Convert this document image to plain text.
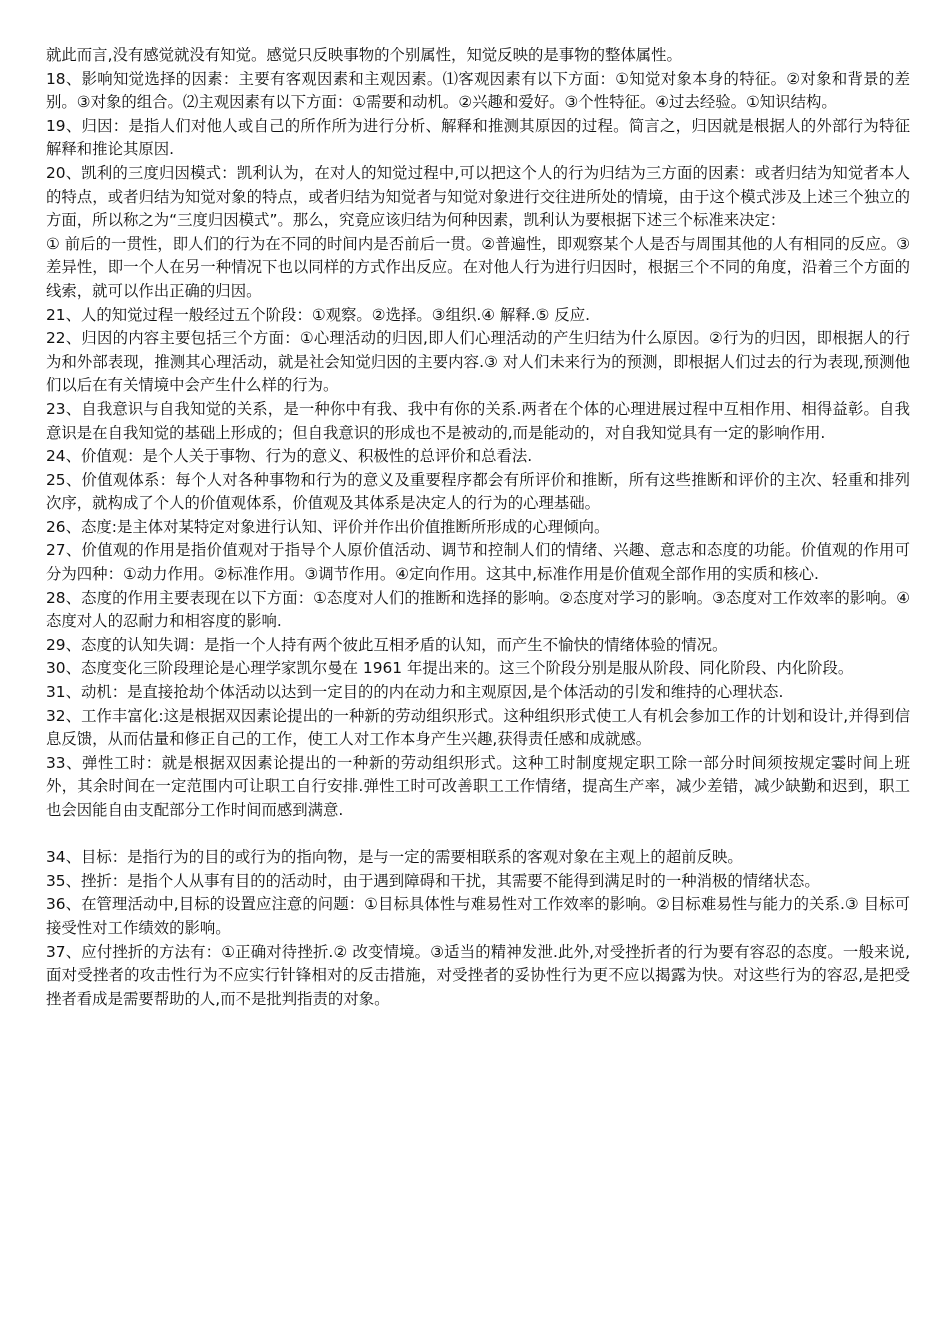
就此而言,没有感觉就没有知觉。感觉只反映事物的个别属性，知觉反映的是事物的整体属性。

18、影响知觉选择的因素：主要有客观因素和主观因素。⑴客观因素有以下方面：①知觉对象本身的特征。②对象和背景的差别。③对象的组合。⑵主观因素有以下方面：①需要和动机。②兴趣和爱好。③个性特征。④过去经验。①知识结构。

19、归因：是指人们对他人或自己的所作所为进行分析、解释和推测其原因的过程。简言之，归因就是根据人的外部行为特征解释和推论其原因.

20、凯利的三度归因模式：凯利认为，在对人的知觉过程中,可以把这个人的行为归结为三方面的因素：或者归结为知觉者本人的特点，或者归结为知觉对象的特点，或者归结为知觉者与知觉对象进行交往进所处的情境，由于这个模式涉及上述三个独立的方面，所以称之为“三度归因模式”。那么，究竟应该归结为何种因素，凯利认为要根据下述三个标准来决定：

① 前后的一贯性，即人们的行为在不同的时间内是否前后一贯。②普遍性，即观察某个人是否与周围其他的人有相同的反应。③差异性，即一个人在另一种情况下也以同样的方式作出反应。在对他人行为进行归因时，根据三个不同的角度，沿着三个方面的线索，就可以作出正确的归因。

21、人的知觉过程一般经过五个阶段：①观察。②选择。③组织.④ 解释.⑤ 反应.

22、归因的内容主要包括三个方面：①心理活动的归因,即人们心理活动的产生归结为什么原因。②行为的归因，即根据人的行为和外部表现，推测其心理活动，就是社会知觉归因的主要内容.③ 对人们未来行为的预测，即根据人们过去的行为表现,预测他们以后在有关情境中会产生什么样的行为。

23、自我意识与自我知觉的关系，是一种你中有我、我中有你的关系.两者在个体的心理进展过程中互相作用、相得益彰。自我意识是在自我知觉的基础上形成的；但自我意识的形成也不是被动的,而是能动的，对自我知觉具有一定的影响作用.

24、价值观：是个人关于事物、行为的意义、积极性的总评价和总看法.

25、价值观体系：每个人对各种事物和行为的意义及重要程序都会有所评价和推断，所有这些推断和评价的主次、轻重和排列次序，就构成了个人的价值观体系，价值观及其体系是决定人的行为的心理基础。

26、态度:是主体对某特定对象进行认知、评价并作出价值推断所形成的心理倾向。

27、价值观的作用是指价值观对于指导个人原价值活动、调节和控制人们的情绪、兴趣、意志和态度的功能。价值观的作用可分为四种：①动力作用。②标准作用。③调节作用。④定向作用。这其中,标准作用是价值观全部作用的实质和核心.

28、态度的作用主要表现在以下方面：①态度对人们的推断和选择的影响。②态度对学习的影响。③态度对工作效率的影响。④态度对人的忍耐力和相容度的影响.

29、态度的认知失调：是指一个人持有两个彼此互相矛盾的认知，而产生不愉快的情绪体验的情况。

30、态度变化三阶段理论是心理学家凯尔曼在 1961 年提出来的。这三个阶段分别是服从阶段、同化阶段、内化阶段。

31、动机：是直接抢劫个体活动以达到一定目的的内在动力和主观原因,是个体活动的引发和维持的心理状态.

32、工作丰富化:这是根据双因素论提出的一种新的劳动组织形式。这种组织形式使工人有机会参加工作的计划和设计,并得到信息反馈，从而估量和修正自己的工作，使工人对工作本身产生兴趣,获得责任感和成就感。

33、弹性工时：就是根据双因素论提出的一种新的劳动组织形式。这种工时制度规定职工除一部分时间须按规定霎时间上班外，其余时间在一定范围内可让职工自行安排.弹性工时可改善职工工作情绪，提高生产率，减少差错，减少缺勤和迟到，职工也会因能自由支配部分工作时间而感到满意.

34、目标：是指行为的目的或行为的指向物，是与一定的需要相联系的客观对象在主观上的超前反映。

35、挫折：是指个人从事有目的的活动时，由于遇到障碍和干扰，其需要不能得到满足时的一种消极的情绪状态。

36、在管理活动中,目标的设置应注意的问题：①目标具体性与难易性对工作效率的影响。②目标难易性与能力的关系.③ 目标可接受性对工作绩效的影响。

37、应付挫折的方法有：①正确对待挫折.② 改变情境。③适当的精神发泄.此外,对受挫折者的行为要有容忍的态度。一般来说,面对受挫者的攻击性行为不应实行针锋相对的反击措施，对受挫者的妥协性行为更不应以揭露为快。对这些行为的容忍,是把受挫者看成是需要帮助的人,而不是批判指责的对象。
